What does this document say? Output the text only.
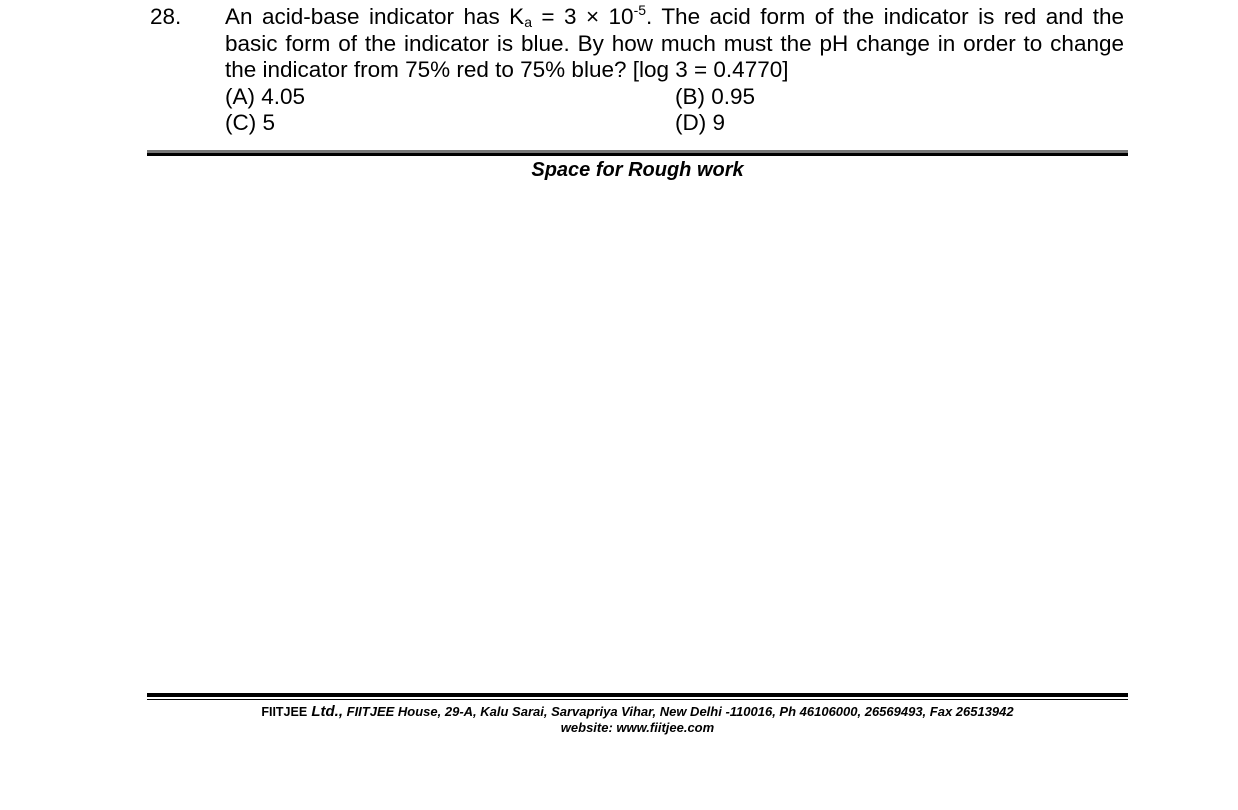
28. An acid-base indicator has $K_a = 3 \times 10^{-5}$. The acid form of the indicator is red and the basic form of the indicator is blue. By how much must the pH change in order to change the indicator from 75% red to 75% blue? [log 3 = 0.4770]
(A) 4.05	(B) 0.95
(C) 5	(D) 9
Space for Rough work
FIITJEE Ltd., FIITJEE House, 29-A, Kalu Sarai, Sarvapriya Vihar, New Delhi -110016, Ph 46106000, 26569493, Fax 26513942
website: www.fiitjee.com
